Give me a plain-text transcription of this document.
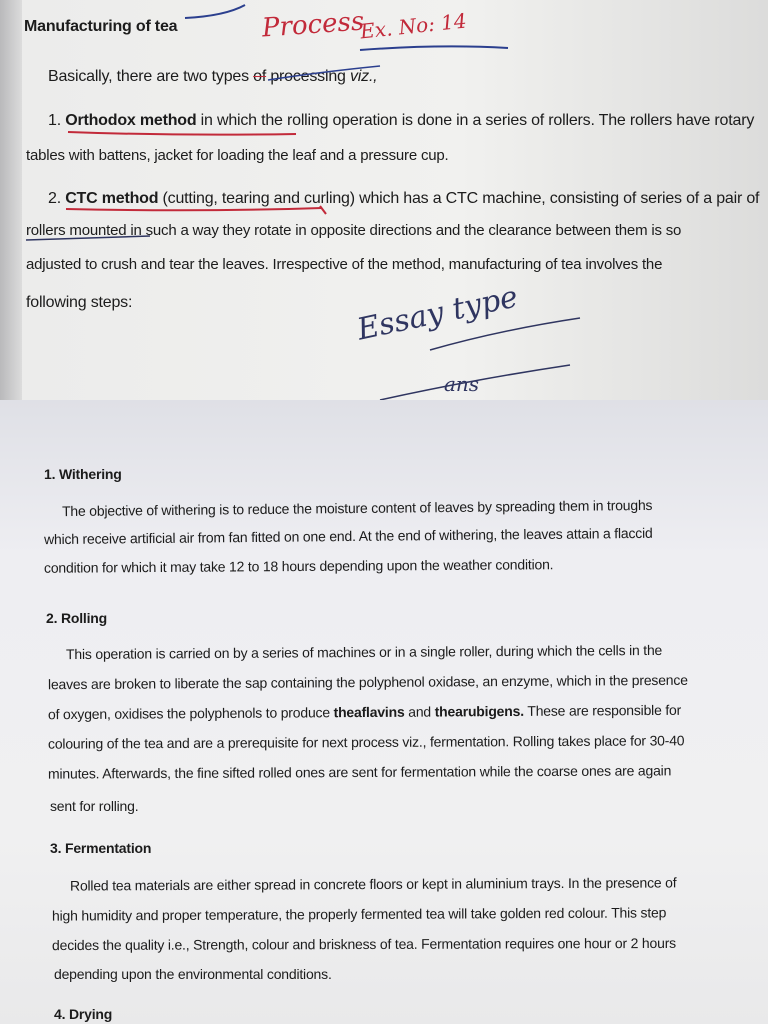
Manufacturing of tea	Process
Ex. No: 14
Basically, there are two types of processing viz.,
1. Orthodox method in which the rolling operation is done in a series of rollers. The rollers have rotary
tables with battens, jacket for loading the leaf and a pressure cup.
2. CTC method (cutting, tearing and curling) which has a CTC machine, consisting of series of a pair of
rollers mounted in such a way they rotate in opposite directions and the clearance between them is so
adjusted to crush and tear the leaves. Irrespective of the method, manufacturing of tea involves the
following steps:	Essay type
ans
1. Withering
The objective of withering is to reduce the moisture content of leaves by spreading them in troughs
which receive artificial air from fan fitted on one end. At the end of withering, the leaves attain a flaccid
condition for which it may take 12 to 18 hours depending upon the weather condition.
2. Rolling
This operation is carried on by a series of machines or in a single roller, during which the cells in the
leaves are broken to liberate the sap containing the polyphenol oxidase, an enzyme, which in the presence
of oxygen, oxidises the polyphenols to produce theaflavins and thearubigens. These are responsible for
colouring of the tea and are a prerequisite for next process viz., fermentation. Rolling takes place for 30-40
minutes. Afterwards, the fine sifted rolled ones are sent for fermentation while the coarse ones are again
sent for rolling.
3. Fermentation
Rolled tea materials are either spread in concrete floors or kept in aluminium trays. In the presence of
high humidity and proper temperature, the properly fermented tea will take golden red colour. This step
decides the quality i.e., Strength, colour and briskness of tea. Fermentation requires one hour or 2 hours
depending upon the environmental conditions.
4. Drying
